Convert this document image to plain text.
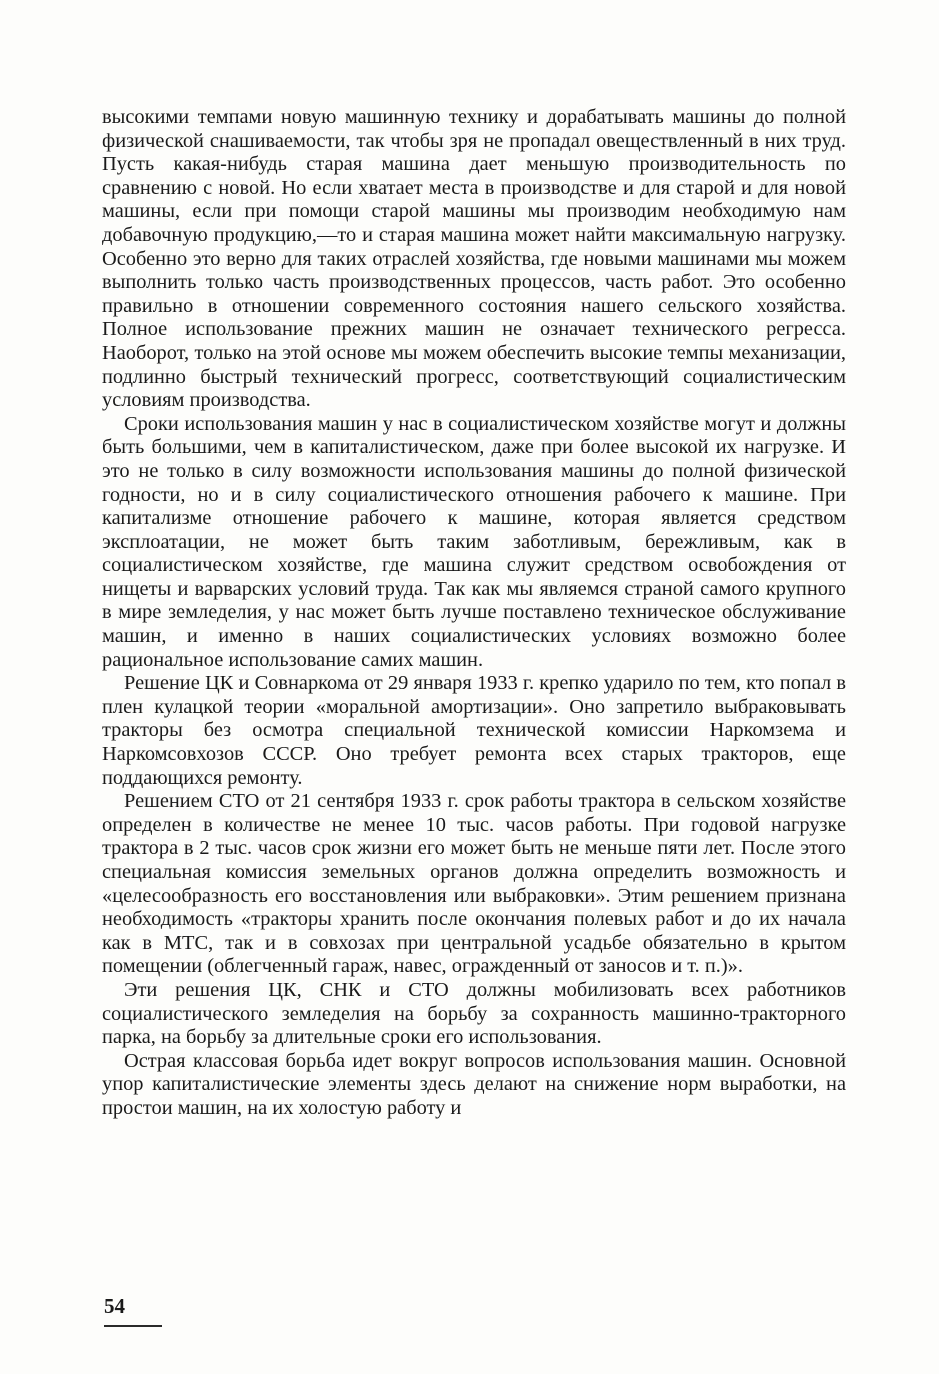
высокими темпами новую машинную технику и дорабатывать машины до полной физической снашиваемости, так чтобы зря не пропадал овеществленный в них труд. Пусть какая-нибудь старая машина дает меньшую производительность по сравнению с новой. Но если хватает места в производстве и для старой и для новой машины, если при помощи старой машины мы производим необходимую нам добавочную продукцию,—то и старая машина может найти максимальную нагрузку. Особенно это верно для таких отраслей хозяйства, где новыми машинами мы можем выполнить только часть производственных процессов, часть работ. Это особенно правильно в отношении современного состояния нашего сельского хозяйства. Полное использование прежних машин не означает технического регресса. Наоборот, только на этой основе мы можем обеспечить высокие темпы механизации, подлинно быстрый технический прогресс, соответствующий социалистическим условиям производства.

Сроки использования машин у нас в социалистическом хозяйстве могут и должны быть большими, чем в капиталистическом, даже при более высокой их нагрузке. И это не только в силу возможности использования машины до полной физической годности, но и в силу социалистического отношения рабочего к машине. При капитализме отношение рабочего к машине, которая является средством эксплоатации, не может быть таким заботливым, бережливым, как в социалистическом хозяйстве, где машина служит средством освобождения от нищеты и варварских условий труда. Так как мы являемся страной самого крупного в мире земледелия, у нас может быть лучше поставлено техническое обслуживание машин, и именно в наших социалистических условиях возможно более рациональное использование самих машин.

Решение ЦК и Совнаркома от 29 января 1933 г. крепко ударило по тем, кто попал в плен кулацкой теории «моральной амортизации». Оно запретило выбраковывать тракторы без осмотра специальной технической комиссии Наркомзема и Наркомсовхозов СССР. Оно требует ремонта всех старых тракторов, еще поддающихся ремонту.

Решением СТО от 21 сентября 1933 г. срок работы трактора в сельском хозяйстве определен в количестве не менее 10 тыс. часов работы. При годовой нагрузке трактора в 2 тыс. часов срок жизни его может быть не меньше пяти лет. После этого специальная комиссия земельных органов должна определить возможность и «целесообразность его восстановления или выбраковки». Этим решением признана необходимость «тракторы хранить после окончания полевых работ и до их начала как в МТС, так и в совхозах при центральной усадьбе обязательно в крытом помещении (облегченный гараж, навес, огражденный от заносов и т. п.)».

Эти решения ЦК, СНК и СТО должны мобилизовать всех работников социалистического земледелия на борьбу за сохранность машинно-тракторного парка, на борьбу за длительные сроки его использования.

Острая классовая борьба идет вокруг вопросов использования машин. Основной упор капиталистические элементы здесь делают на снижение норм выработки, на простои машин, на их холостую работу и

54
